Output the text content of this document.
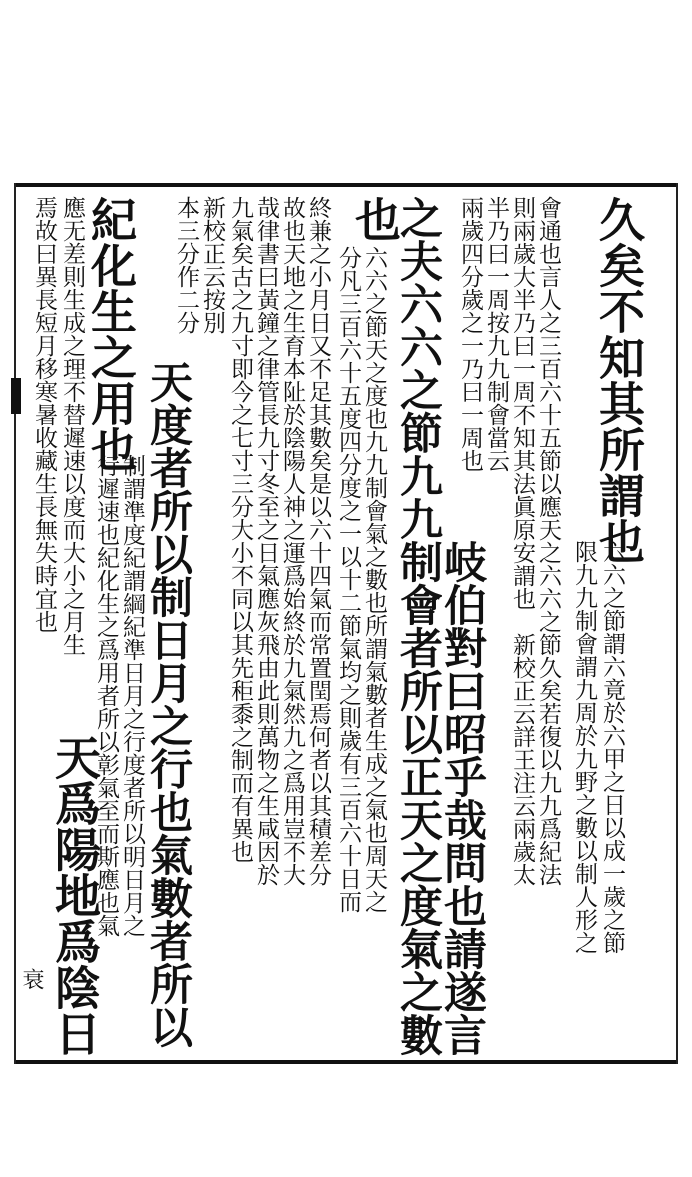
衰
久矣不知其所謂也
六六之節謂六竟於六甲之日以成一歲之節
限九九制會謂九周於九野之數以制人形之
會通也言人之三百六十五節以應天之六六之節久矣若復以九九爲紀法
則兩歲大半乃曰一周不知其法眞原安謂也　新校正云詳王注云兩歲太
半乃曰一周按九九制會當云
兩歲四分歲之一乃曰一周也
岐伯對曰昭乎哉問也請遂言
之夫六六之節九九制會者所以正天之度氣之數
也
六六之節天之度也九九制會氣之數也所謂氣數者生成之氣也周天之
分凡三百六十五度四分度之一以十二節氣均之則歲有三百六十日而
終兼之小月日又不足其數矣是以六十四氣而常置閏焉何者以其積差分
故也天地之生育本阯於陰陽人神之運爲始終於九氣然九之爲用豈不大
哉律書曰黃鐘之律管長九寸冬至之日氣應灰飛由此則萬物之生咸因於
九氣矣古之九寸即今之七寸三分大小不同以其先秬黍之制而有異也
新校正云按別
本三分作二分
天度者所以制日月之行也氣數者所以
紀化生之用也
制謂準度紀謂綱紀準日月之行度者所以明日月之
行遲速也紀化生之爲用者所以彰氣至而斯應也氣
應无差則生成之理不替遲速以度而大小之月生
焉故曰異長短月移寒暑收藏生長無失時宜也
天爲陽地爲陰日
